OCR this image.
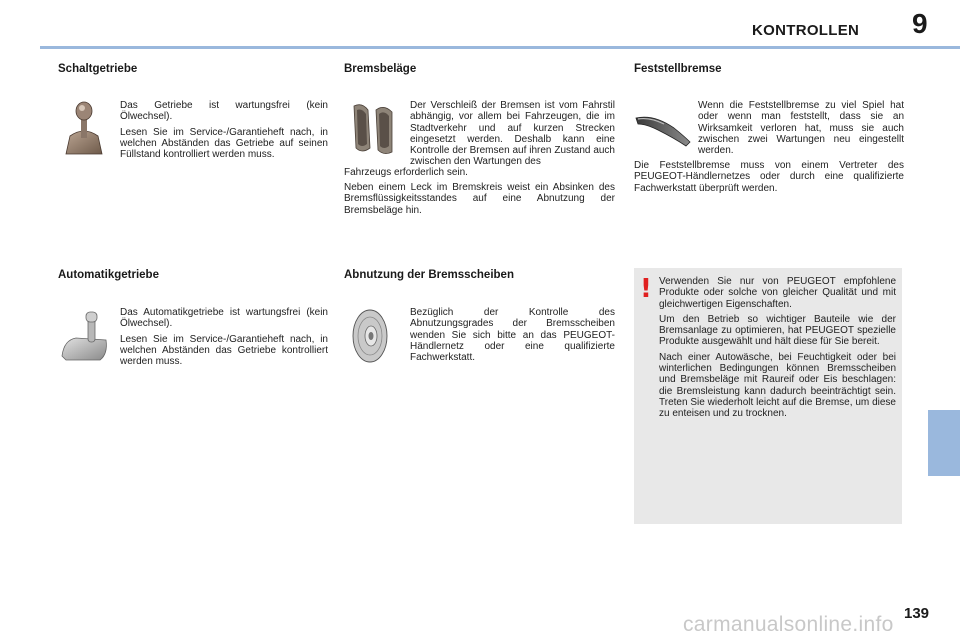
KONTROLLEN 9
Schaltgetriebe

Das Getriebe ist wartungsfrei (kein Ölwechsel).

Lesen Sie im Service-/Garantieheft nach, in welchen Abständen das Getriebe auf seinen Füllstand kontrolliert werden muss.

Bremsbeläge
Der Verschleiß der Bremsen ist vom Fahrstil abhängig, vor allem bei Fahrzeugen, die im Stadtverkehr und auf kurzen Strecken eingesetzt werden. Deshalb kann eine Kontrolle der Bremsen auf ihren Zustand auch zwischen den Wartungen des
Fahrzeugs erforderlich sein.
Neben einem Leck im Bremskreis weist ein Absinken des Bremsflüssigkeitsstandes auf eine Abnutzung der Bremsbeläge hin.
Feststellbremse
Wenn die Feststellbremse zu viel Spiel hat oder wenn man feststellt, dass sie an Wirksamkeit verloren hat, muss sie auch zwischen zwei Wartungen neu eingestellt werden.
Die Feststellbremse muss von einem Vertreter des PEUGEOT-Händlernetzes oder durch eine qualifizierte Fachwerkstatt überprüft werden.
Automatikgetriebe

Das Automatikgetriebe ist wartungsfrei (kein Ölwechsel).

Lesen Sie im Service-/Garantieheft nach, in welchen Abständen das Getriebe kontrolliert werden muss.

Abnutzung der Bremsscheiben
Bezüglich der Kontrolle des Abnutzungsgrades der Bremsscheiben wenden Sie sich bitte an das PEUGEOT-Händlernetz oder eine qualifizierte Fachwerkstatt.
! Verwenden Sie nur von PEUGEOT empfohlene Produkte oder solche von gleicher Qualität und mit gleichwertigen Eigenschaften.

Um den Betrieb so wichtiger Bauteile wie der Bremsanlage zu optimieren, hat PEUGEOT spezielle Produkte ausgewählt und hält diese für Sie bereit.

Nach einer Autowäsche, bei Feuchtigkeit oder bei winterlichen Bedingungen können Bremsscheiben und Bremsbeläge mit Raureif oder Eis beschlagen: die Bremsleistung kann dadurch beeinträchtigt sein. Treten Sie wiederholt leicht auf die Bremse, um diese zu enteisen und zu trocknen.

139
carmanualsonline.info
